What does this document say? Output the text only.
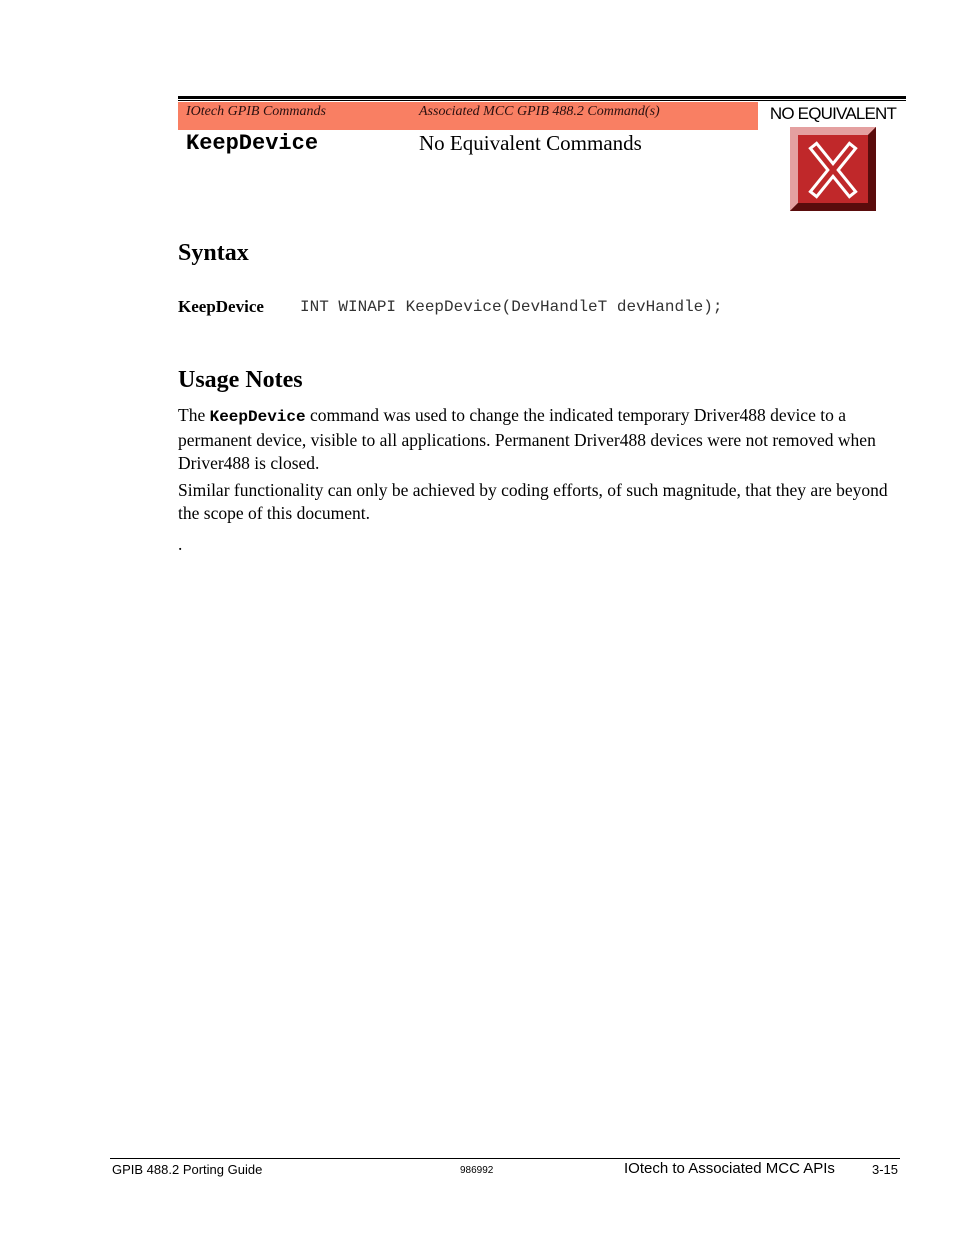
IOtech GPIB Commands	Associated MCC GPIB 488.2 Command(s)	NO EQUIVALENT
KeepDevice	No Equivalent Commands
Syntax
KeepDevice INT WINAPI KeepDevice(DevHandleT devHandle);
Usage Notes
The KeepDevice command was used to change the indicated temporary Driver488 device to a permanent device, visible to all applications. Permanent Driver488 devices were not removed when Driver488 is closed.
Similar functionality can only be achieved by coding efforts, of such magnitude, that they are beyond the scope of this document.
.
GPIB 488.2 Porting Guide	986992	IOtech to Associated MCC APIs	3-15
